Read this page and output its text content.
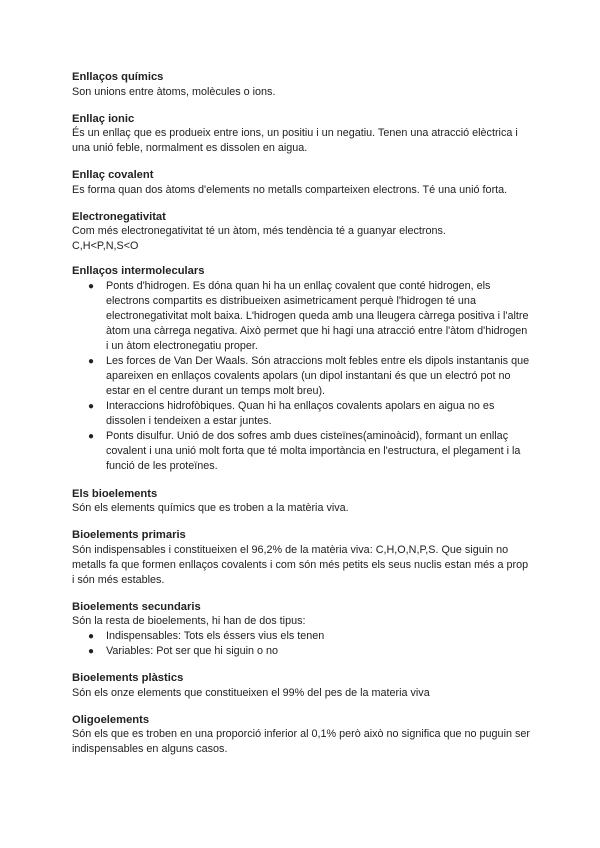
Enllaços químics

Son unions entre àtoms, molècules o ions.

Enllaç ionic

És un enllaç que es produeix entre ions, un positiu i un negatiu. Tenen una atracció elèctrica i una unió feble, normalment es dissolen en aigua.

Enllaç covalent

Es forma quan dos àtoms d'elements no metalls comparteixen electrons. Té una unió forta.

Electronegativitat

Com més electronegativitat té un àtom, més tendència té a guanyar electrons.

C,H<P,N,S<O

Enllaços intermoleculars

● Ponts d'hidrogen. Es dóna quan hi ha un enllaç covalent que conté hidrogen, els electrons compartits es distribueixen asimetricament perquè l'hidrogen té una electronegativitat molt baixa. L'hidrogen queda amb una lleugera càrrega positiva i l'altre àtom una càrrega negativa. Això permet que hi hagi una atracció entre l'àtom d'hidrogen i un àtom electronegatiu proper.
● Les forces de Van Der Waals. Són atraccions molt febles entre els dipols instantanis que apareixen en enllaços covalents apolars (un dipol instantani és que un electró pot no estar en el centre durant un temps molt breu).
● Interaccions hidrofòbiques. Quan hi ha enllaços covalents apolars en aigua no es dissolen i tendeixen a estar juntes.
● Ponts disulfur. Unió de dos sofres amb dues cisteïnes(aminoàcid), formant un enllaç covalent i una unió molt forta que té molta importància en l'estructura, el plegament i la funció de les proteïnes.

Els bioelements

Són els elements químics que es troben a la matèria viva.

Bioelements primaris

Són indispensables i constitueixen el 96,2% de la matèria viva: C,H,O,N,P,S. Que siguin no metalls fa que formen enllaços covalents i com són més petits els seus nuclis estan més a prop i són més estables.

Bioelements secundaris

Són la resta de bioelements, hi han de dos tipus:

● Indispensables: Tots els éssers vius els tenen
● Variables: Pot ser que hi siguin o no

Bioelements plàstics

Són els onze elements que constitueixen el 99% del pes de la materia viva

Oligoelements

Són els que es troben en una proporció inferior al 0,1% però això no significa que no puguin ser indispensables en alguns casos.
